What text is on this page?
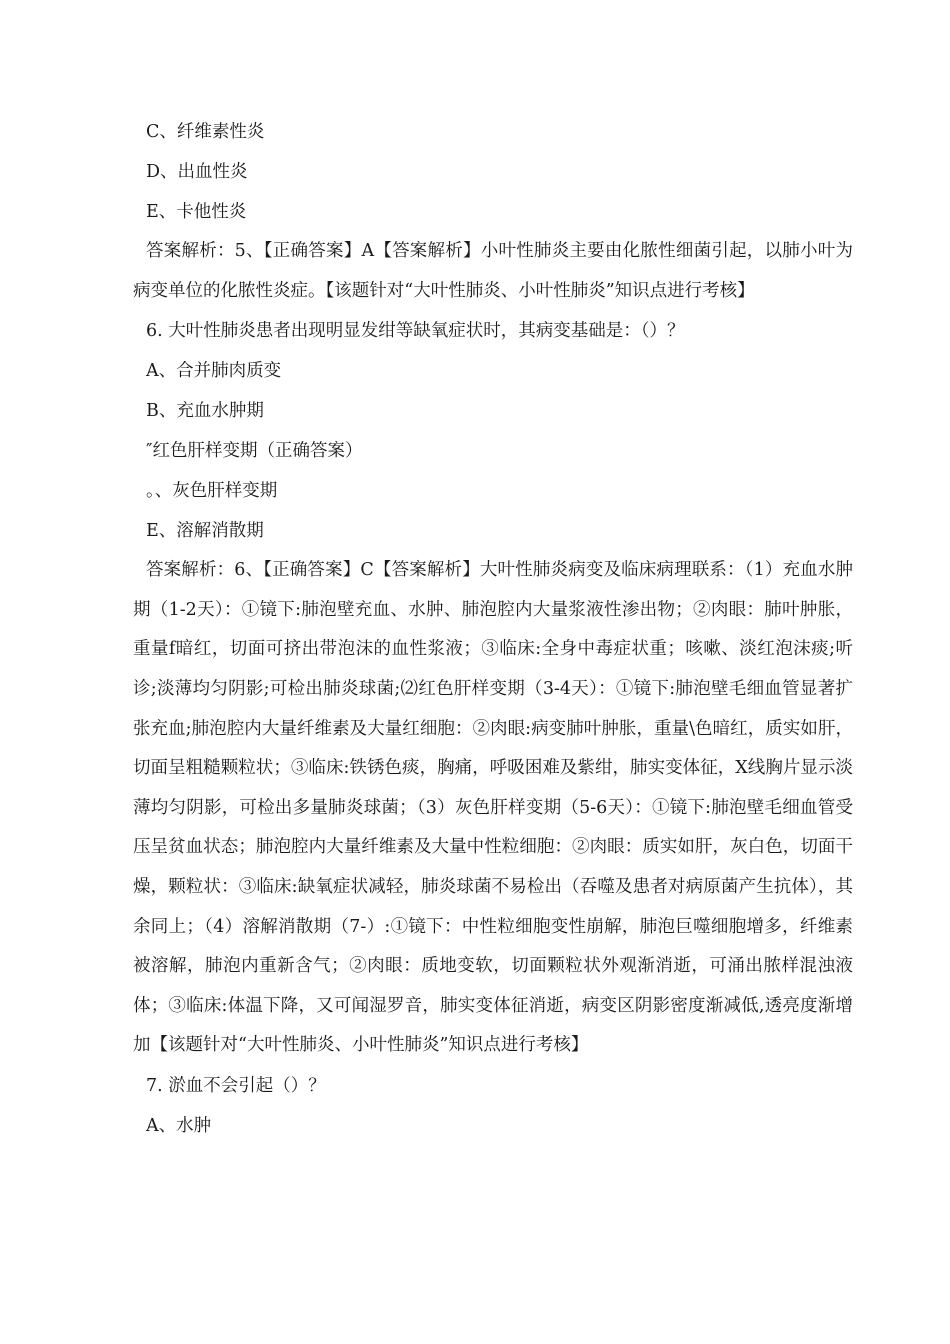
C、纤维素性炎
D、出血性炎
E、卡他性炎

答案解析：5、【正确答案】A【答案解析】小叶性肺炎主要由化脓性细菌引起，以肺小叶为病变单位的化脓性炎症。【该题针对“大叶性肺炎、小叶性肺炎”知识点进行考核】

6. 大叶性肺炎患者出现明显发绀等缺氧症状时，其病变基础是：（）？
A、合并肺肉质变
B、充血水肿期
″红色肝样变期（正确答案）
。、灰色肝样变期
E、溶解消散期

答案解析：6、【正确答案】C【答案解析】大叶性肺炎病变及临床病理联系：（1）充血水肿期（1-2天）：①镜下:肺泡壁充血、水肿、肺泡腔内大量浆液性渗出物；②肉眼：肺叶肿胀，重量f暗红，切面可挤出带泡沫的血性浆液；③临床:全身中毒症状重；咳嗽、淡红泡沫痰;听诊;淡薄均匀阴影;可检出肺炎球菌;⑵红色肝样变期（3-4天）：①镜下:肺泡壁毛细血管显著扩张充血;肺泡腔内大量纤维素及大量红细胞：②肉眼:病变肺叶肿胀，重量\色暗红，质实如肝，切面呈粗糙颗粒状；③临床:铁锈色痰，胸痛，呼吸困难及紫绀，肺实变体征，X线胸片显示淡薄均匀阴影，可检出多量肺炎球菌；（3）灰色肝样变期（5-6天）：①镜下:肺泡壁毛细血管受压呈贫血状态；肺泡腔内大量纤维素及大量中性粒细胞：②肉眼：质实如肝，灰白色，切面干燥，颗粒状：③临床:缺氧症状减轻，肺炎球菌不易检出（吞噬及患者对病原菌产生抗体），其余同上；（4）溶解消散期（7-）:①镜下：中性粒细胞变性崩解，肺泡巨噬细胞增多，纤维素被溶解，肺泡内重新含气；②肉眼：质地变软，切面颗粒状外观渐消逝，可涌出脓样混浊液体；③临床:体温下降，又可闻湿罗音，肺实变体征消逝，病变区阴影密度渐减低,透亮度渐增加【该题针对“大叶性肺炎、小叶性肺炎”知识点进行考核】

7. 淤血不会引起（）？
A、水肿
